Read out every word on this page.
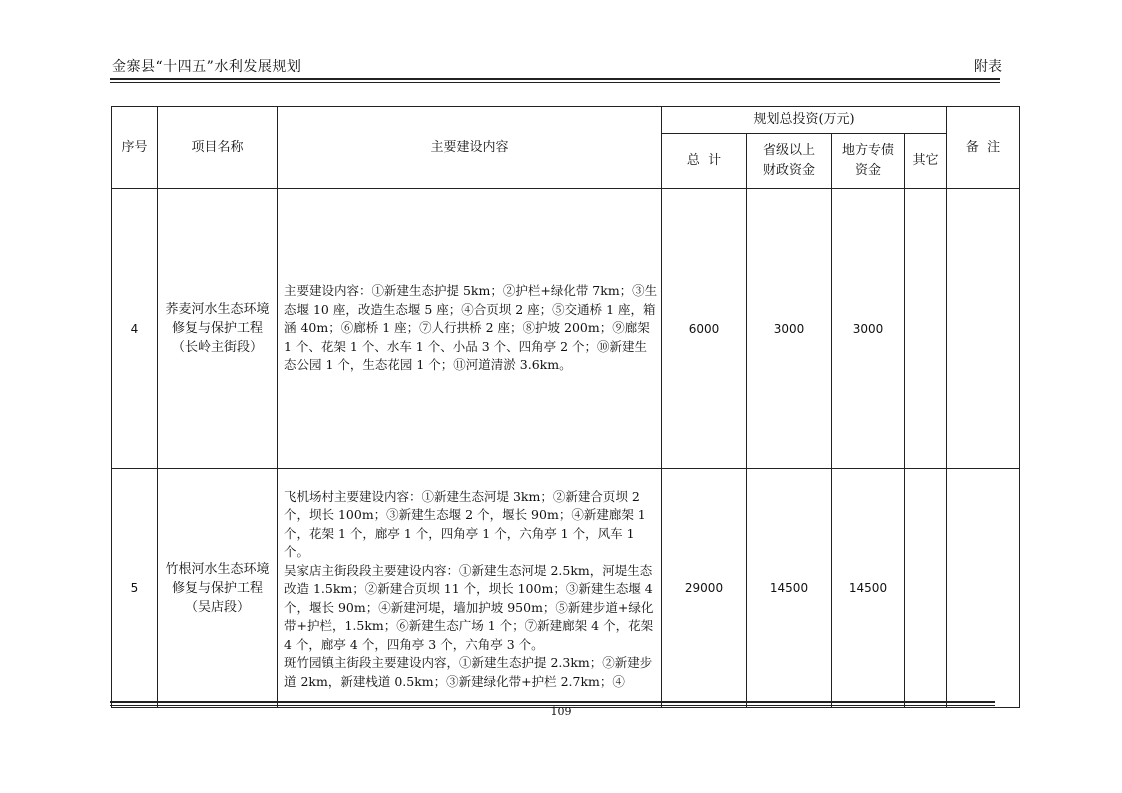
金寨县“十四五”水利发展规划	附表
序号	项目名称	主要建设内容	规划总投资(万元)				备  注
			总  计	省级以上财政资金	地方专债资金	其它	
4	荞麦河水生态环境修复与保护工程（长岭主街段）	主要建设内容：①新建生态护提 5km；②护栏+绿化带 7km；③生态堰 10 座，改造生态堰 5 座；④合页坝 2 座；⑤交通桥 1 座，箱涵 40m；⑥廊桥 1 座；⑦人行拱桥 2 座；⑧护坡 200m；⑨廊架 1 个、花架 1 个、水车 1 个、小品 3 个、四角亭 2 个；⑩新建生态公园 1 个，生态花园 1 个；⑪河道清淤 3.6km。	6000	3000	3000		
5	竹根河水生态环境修复与保护工程（吴店段）	飞机场村主要建设内容：①新建生态河堤 3km；②新建合页坝 2 个，坝长 100m；③新建生态堰 2 个，堰长 90m；④新建廊架 1 个，花架 1 个，廊亭 1 个，四角亭 1 个，六角亭 1 个，风车 1 个。
吴家店主街段段主要建设内容：①新建生态河堤 2.5km，河堤生态改造 1.5km；②新建合页坝 11 个，坝长 100m；③新建生态堰 4 个，堰长 90m；④新建河堤，墙加护坡 950m；⑤新建步道+绿化带+护栏，1.5km；⑥新建生态广场 1 个；⑦新建廊架 4 个，花架 4 个，廊亭 4 个，四角亭 3 个，六角亭 3 个。
斑竹园镇主街段主要建设内容，①新建生态护提 2.3km；②新建步道 2km，新建栈道 0.5km；③新建绿化带+护栏 2.7km；④	29000	14500	14500		
109
